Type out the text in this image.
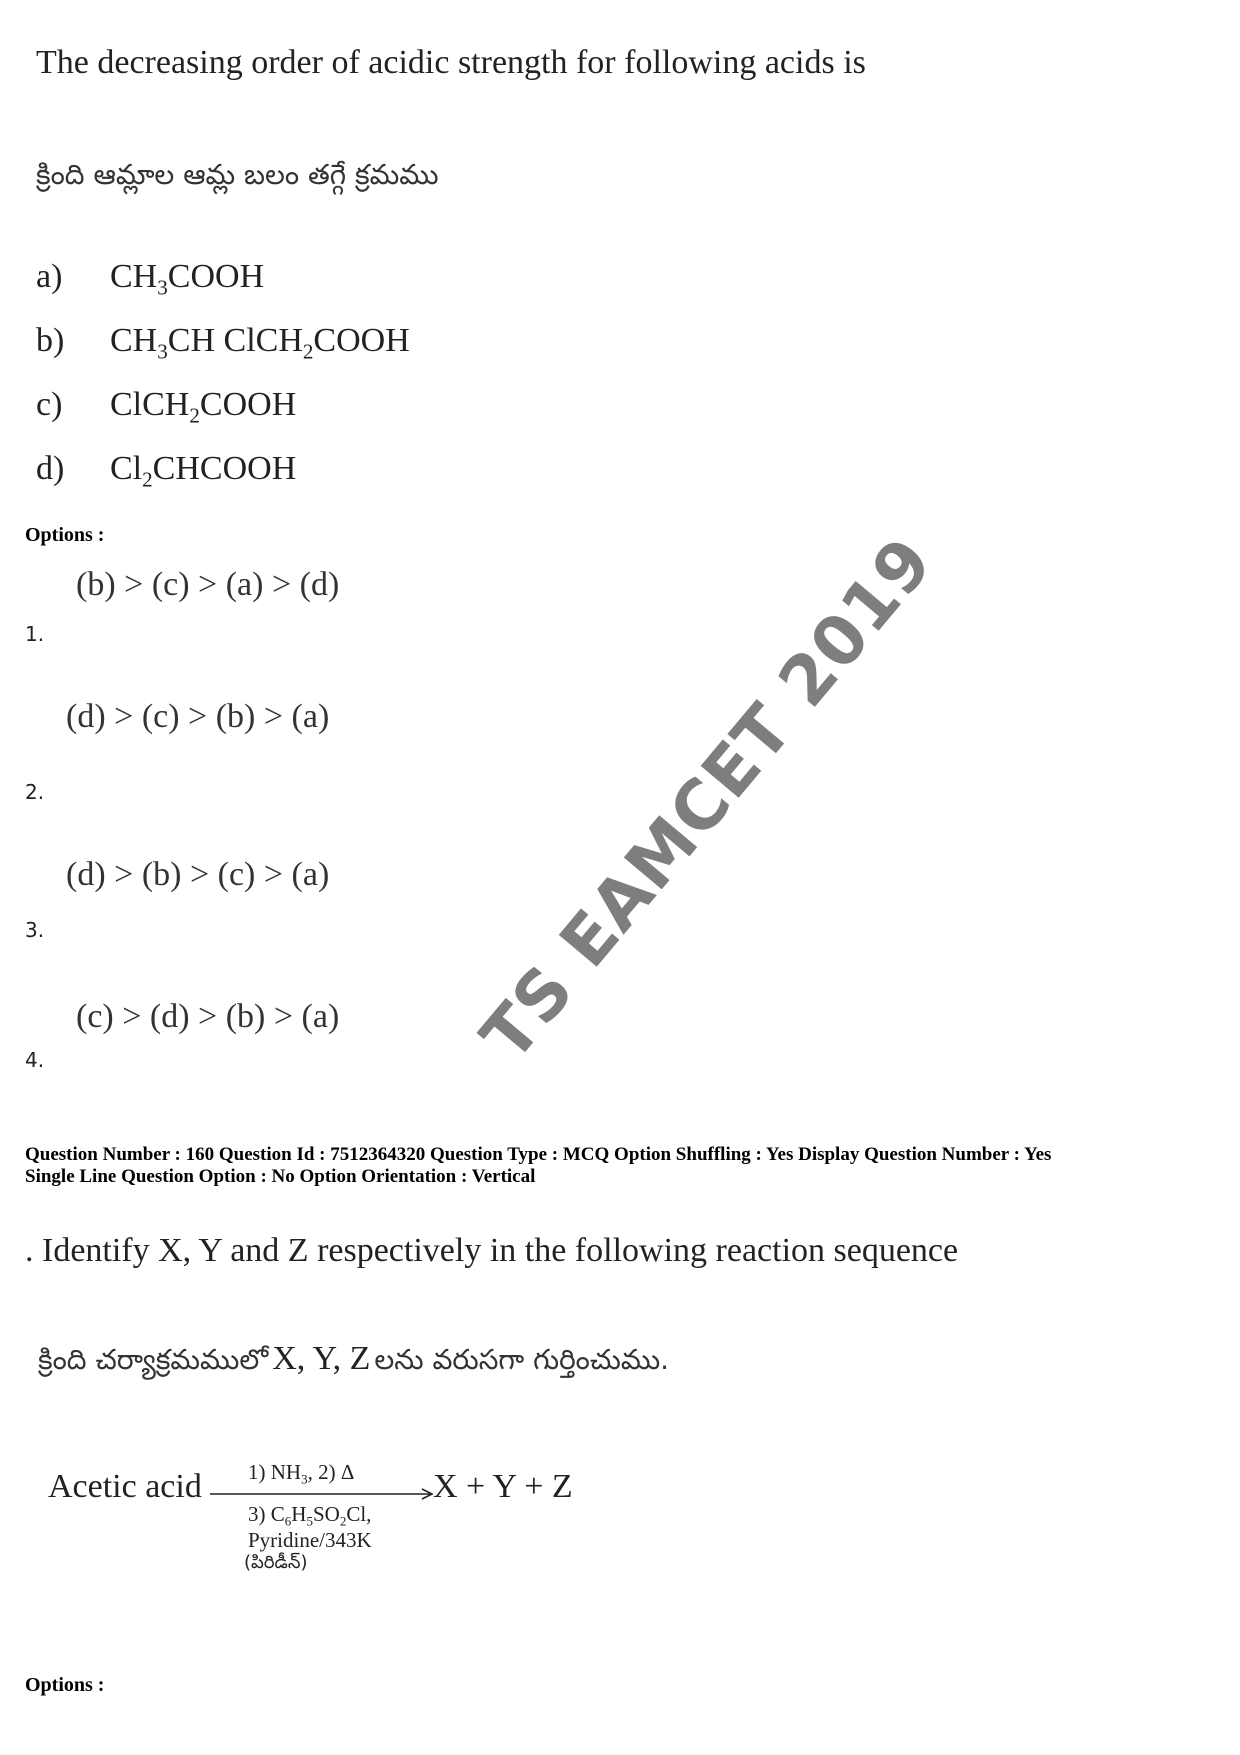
The decreasing order of acidic strength for following acids is
క్రింది ఆమ్లాల ఆమ్ల బలం తగ్గే క్రమము
a) $CH_3COOH$
b) $CH_3CH$ ClCH$_2$COOH
c) ClCH$_2$COOH
d) $Cl_2CHCOOH$
Options :
(b) > (c) > (a) > (d)
1.
(d) > (c) > (b) > (a)
2.
(d) > (b) > (c) > (a)
3.
(c) > (d) > (b) > (a)
4.	TS EAMCET 2019
Question Number : 160 Question Id : 7512364320 Question Type : MCQ Option Shuffling : Yes Display Question Number : Yes
Single Line Question Option : No Option Orientation : Vertical
. Identify X, Y and Z respectively in the following reaction sequence
క్రింది చర్యాక్రమములో X, Y, Z లను వరుసగా గుర్తించుము.
Acetic acid	X + Y + Z
1) $NH_3$, 2) Δ
3) $C_6H_5SO_2Cl$,
Pyridine/343K
(పిరిడీన్)
Options :
